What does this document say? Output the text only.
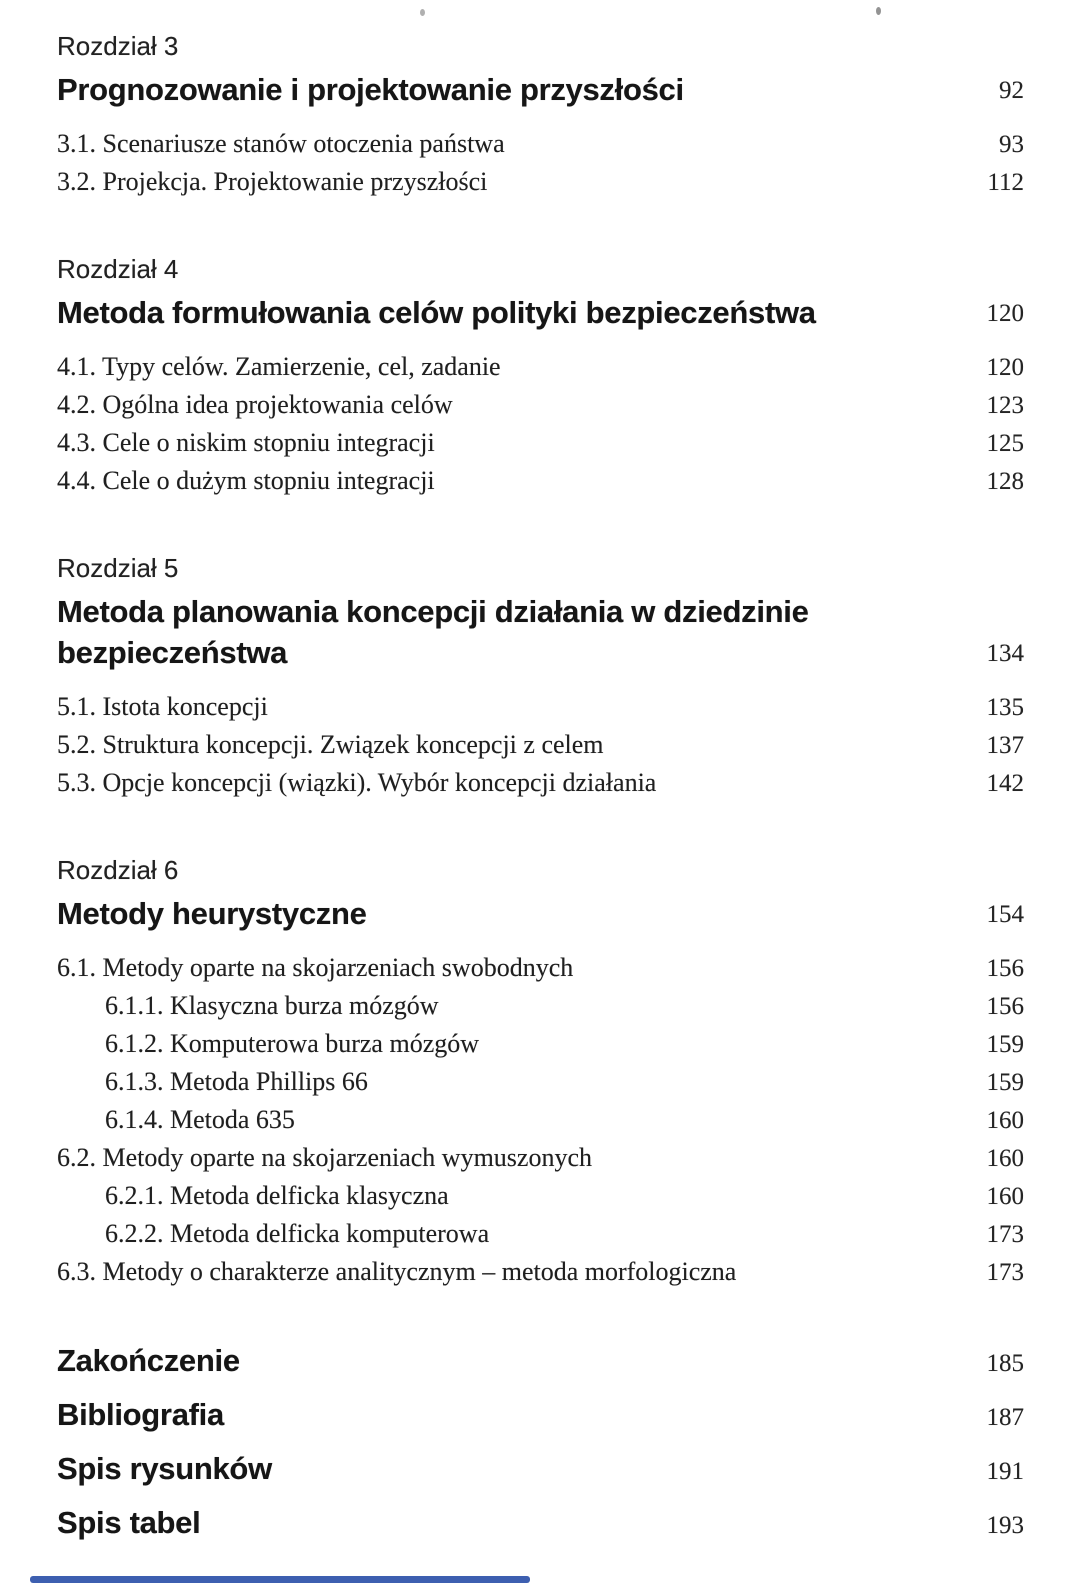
Rozdział 3
Prognozowanie i projektowanie przyszłości	92
3.1. Scenariusze stanów otoczenia państwa	93
3.2. Projekcja. Projektowanie przyszłości	112
Rozdział 4
Metoda formułowania celów polityki bezpieczeństwa	120
4.1. Typy celów. Zamierzenie, cel, zadanie	120
4.2. Ogólna idea projektowania celów	123
4.3. Cele o niskim stopniu integracji	125
4.4. Cele o dużym stopniu integracji	128
Rozdział 5
Metoda planowania koncepcji działania w dziedzinie bezpieczeństwa	134
5.1. Istota koncepcji	135
5.2. Struktura koncepcji. Związek koncepcji z celem	137
5.3. Opcje koncepcji (wiązki). Wybór koncepcji działania	142
Rozdział 6
Metody heurystyczne	154
6.1. Metody oparte na skojarzeniach swobodnych	156
6.1.1. Klasyczna burza mózgów	156
6.1.2. Komputerowa burza mózgów	159
6.1.3. Metoda Phillips 66	159
6.1.4. Metoda 635	160
6.2. Metody oparte na skojarzeniach wymuszonych	160
6.2.1. Metoda delficka klasyczna	160
6.2.2. Metoda delficka komputerowa	173
6.3. Metody o charakterze analitycznym – metoda morfologiczna	173
Zakończenie	185
Bibliografia	187
Spis rysunków	191
Spis tabel	193
